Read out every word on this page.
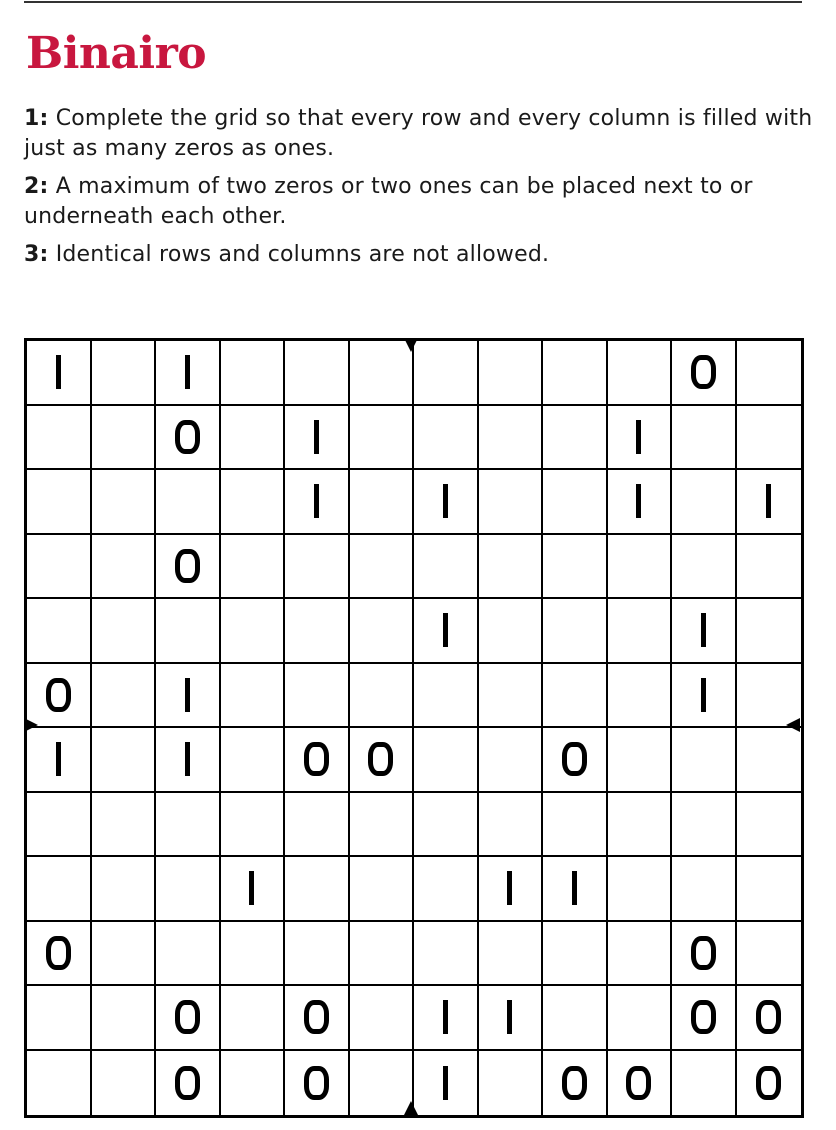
Binairo

1: Complete the grid so that every row and every column is filled with just as many zeros as ones.

2: A maximum of two zeros or two ones can be placed next to or underneath each other.

3: Identical rows and columns are not allowed.
